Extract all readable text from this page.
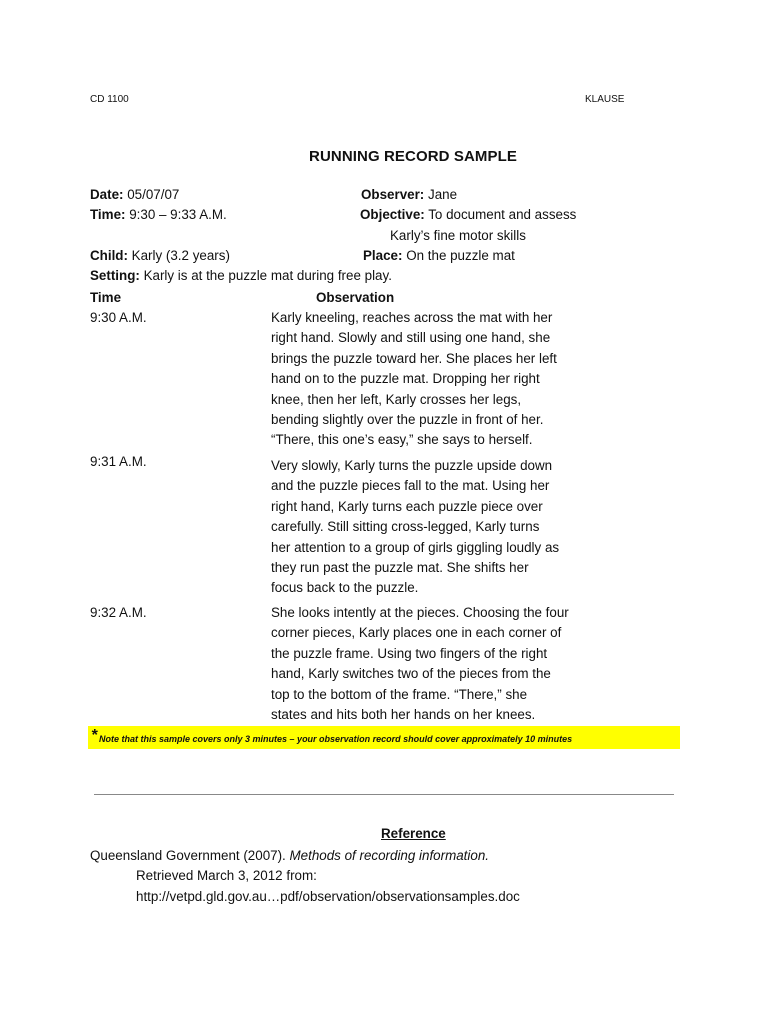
CD 1100	KLAUSE
RUNNING RECORD SAMPLE
Date: 05/07/07	Observer: Jane
Time: 9:30 – 9:33 A.M.	Objective: To document and assess
Karly’s fine motor skills
Child: Karly (3.2 years)	Place: On the puzzle mat
Setting: Karly is at the puzzle mat during free play.
Time	Observation
9:30 A.M.	Karly kneeling, reaches across the mat with her
right hand. Slowly and still using one hand, she
brings the puzzle toward her. She places her left
hand on to the puzzle mat. Dropping her right
knee, then her left, Karly crosses her legs,
bending slightly over the puzzle in front of her.
“There, this one’s easy,” she says to herself.
9:31 A.M.	Very slowly, Karly turns the puzzle upside down
and the puzzle pieces fall to the mat. Using her
right hand, Karly turns each puzzle piece over
carefully. Still sitting cross-legged, Karly turns
her attention to a group of girls giggling loudly as
they run past the puzzle mat. She shifts her
focus back to the puzzle.
9:32 A.M.	She looks intently at the pieces. Choosing the four
corner pieces, Karly places one in each corner of
the puzzle frame. Using two fingers of the right
hand, Karly switches two of the pieces from the
top to the bottom of the frame. “There,” she
states and hits both her hands on her knees.
* Note that this sample covers only 3 minutes – your observation record should cover approximately 10 minutes
Reference
Queensland Government (2007). Methods of recording information.
Retrieved March 3, 2012 from:
http://vetpd.gld.gov.au…pdf/observation/observationsamples.doc
